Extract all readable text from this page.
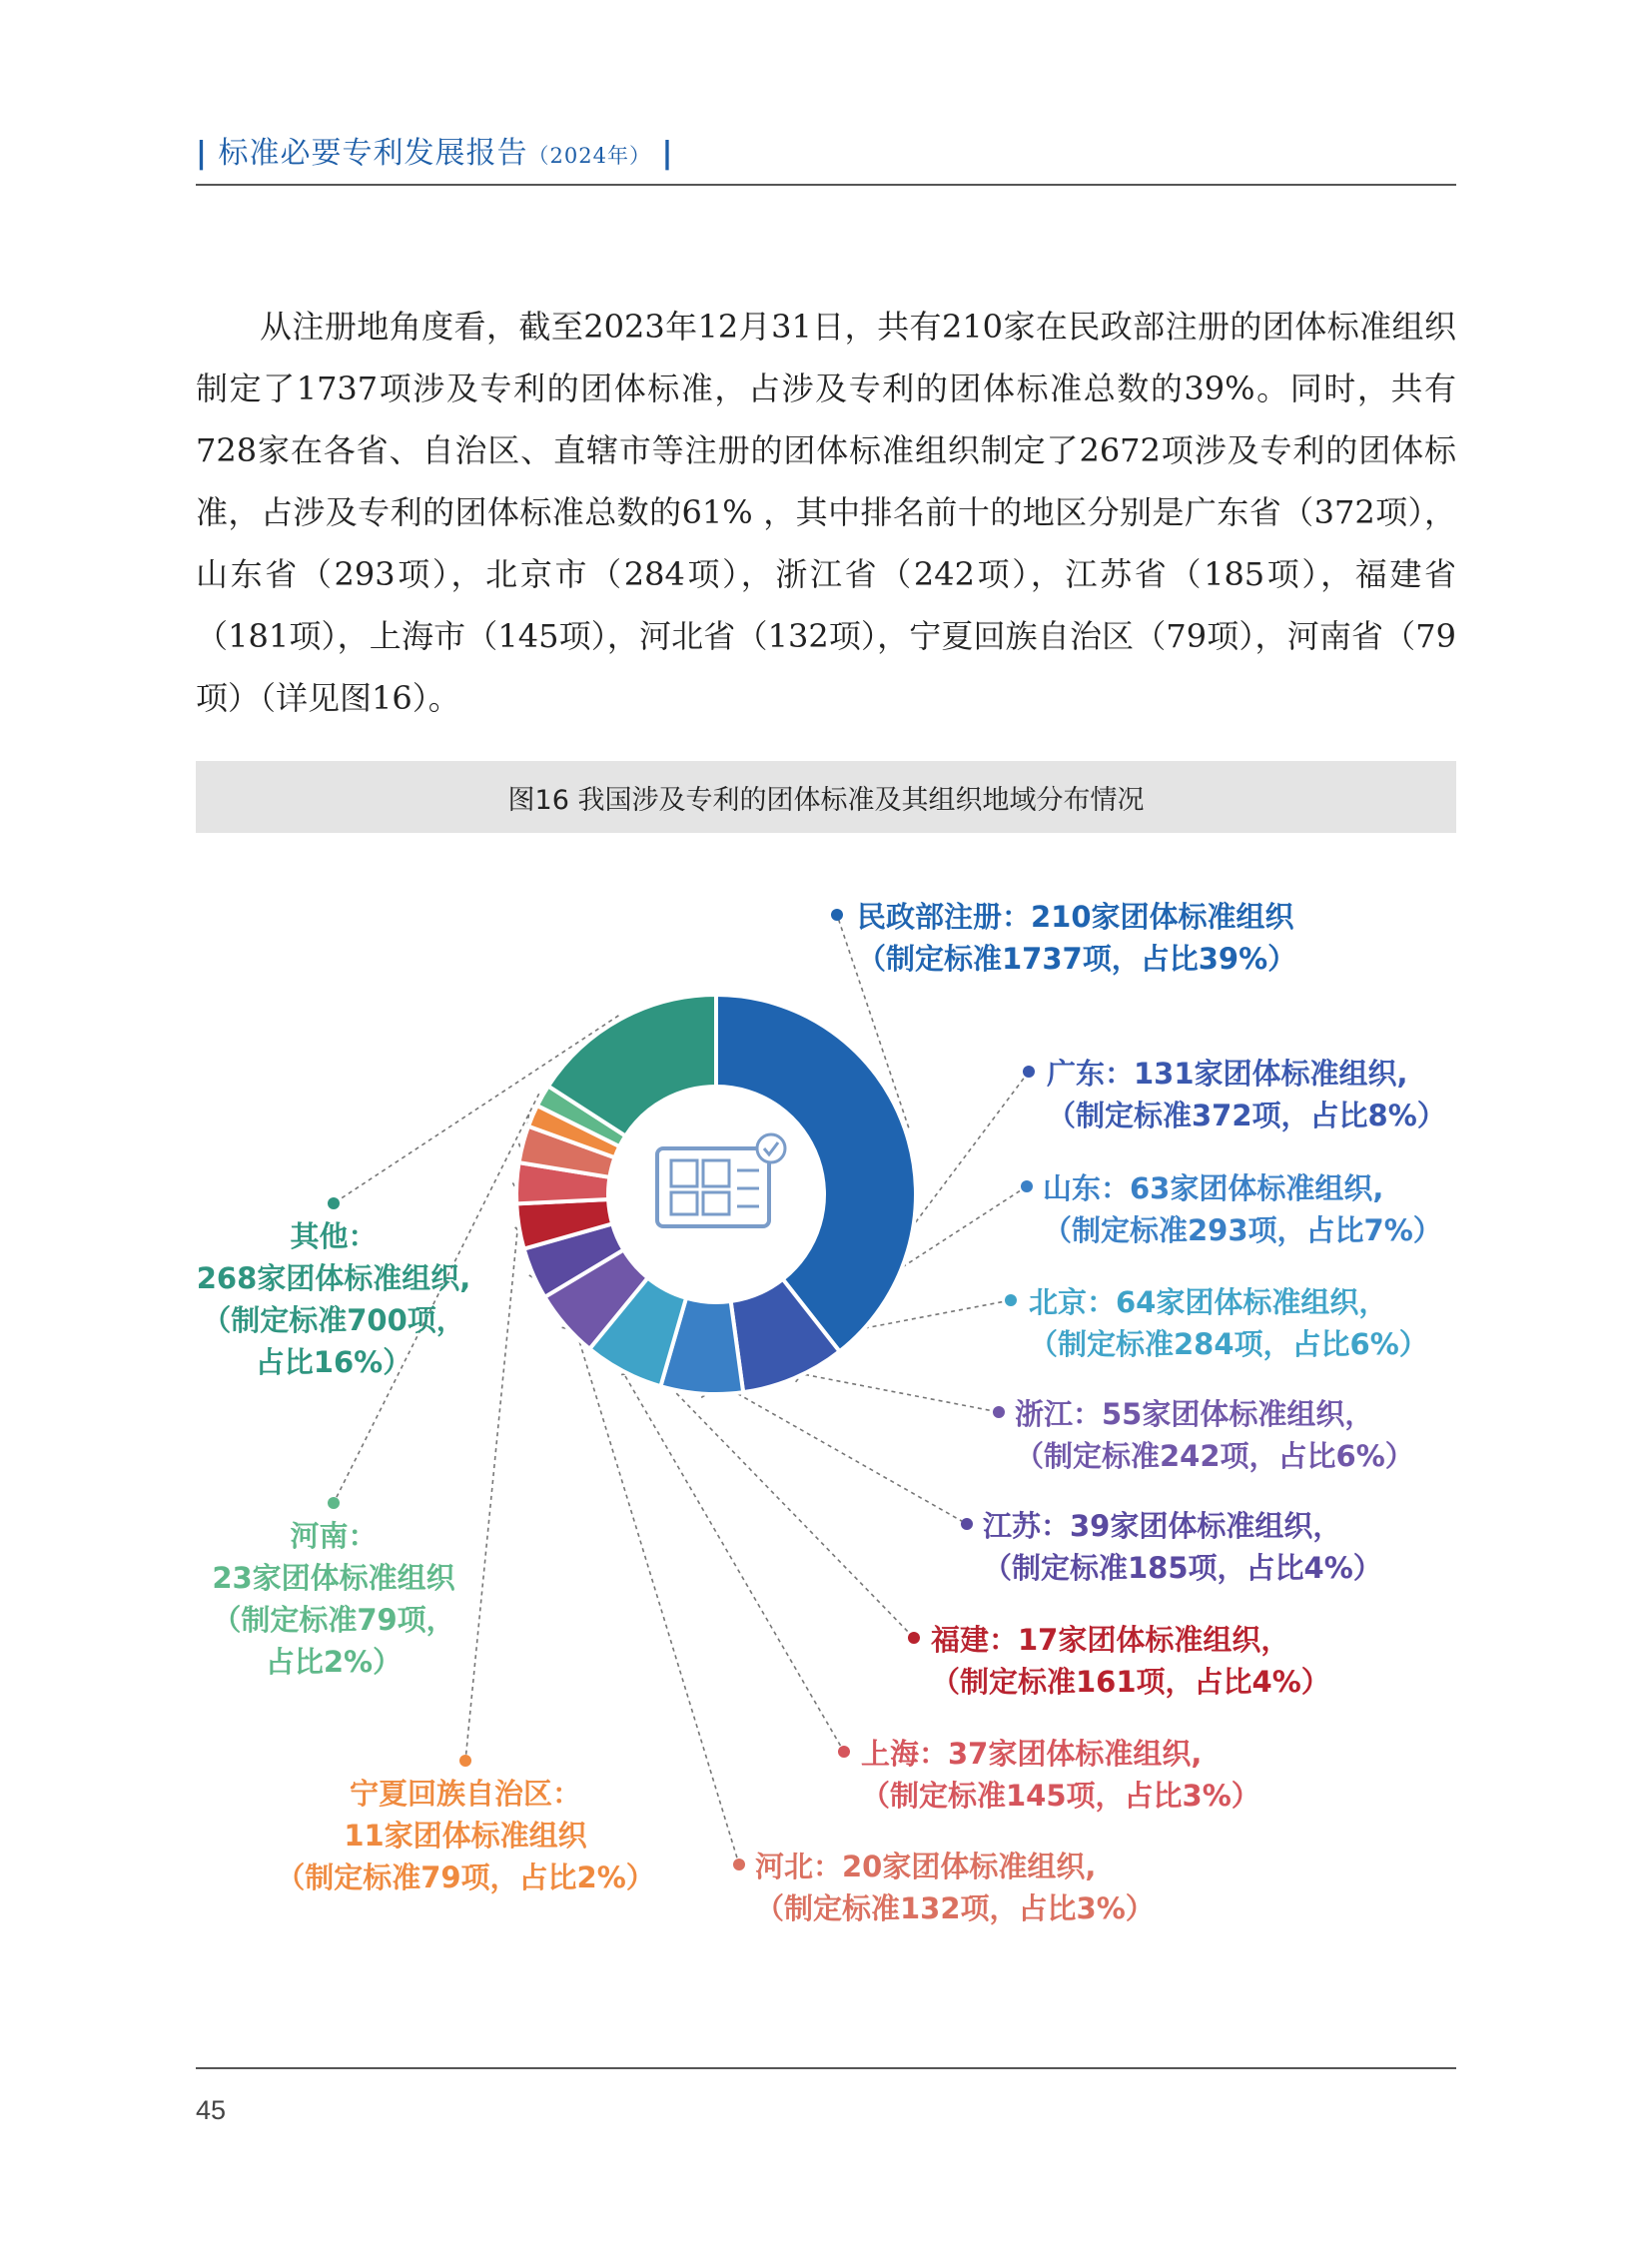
| 标准必要专利发展报告（2024年） |

从注册地角度看，截至2023年12月31日，共有210家在民政部注册的团体标准组织制定了1737项涉及专利的团体标准，占涉及专利的团体标准总数的39%。同时，共有728家在各省、自治区、直辖市等注册的团体标准组织制定了2672项涉及专利的团体标准，占涉及专利的团体标准总数的61% ，其中排名前十的地区分别是广东省（372项），山东省（293项），北京市（284项），浙江省（242项），江苏省（185项），福建省（181项），上海市（145项），河北省（132项），宁夏回族自治区（79项），河南省（79项）（详见图16）。

图16 我国涉及专利的团体标准及其组织地域分布情况
民政部注册：210家团体标准组织
（制定标准1737项，占比39%）
广东：131家团体标准组织,
（制定标准372项，占比8%）
山东：63家团体标准组织,
（制定标准293项，占比7%）
北京：64家团体标准组织，
（制定标准284项，占比6%）
浙江：55家团体标准组织，
（制定标准242项，占比6%）
江苏：39家团体标准组织，
（制定标准185项，占比4%）
福建：17家团体标准组织，
（制定标准161项，占比4%）
上海：37家团体标准组织,
（制定标准145项，占比3%）
河北：20家团体标准组织,
（制定标准132项，占比3%）
宁夏回族自治区：
11家团体标准组织
（制定标准79项，占比2%）
河南：
23家团体标准组织
（制定标准79项，
占比2%）
其他：
268家团体标准组织,
（制定标准700项，
占比16%）
45
